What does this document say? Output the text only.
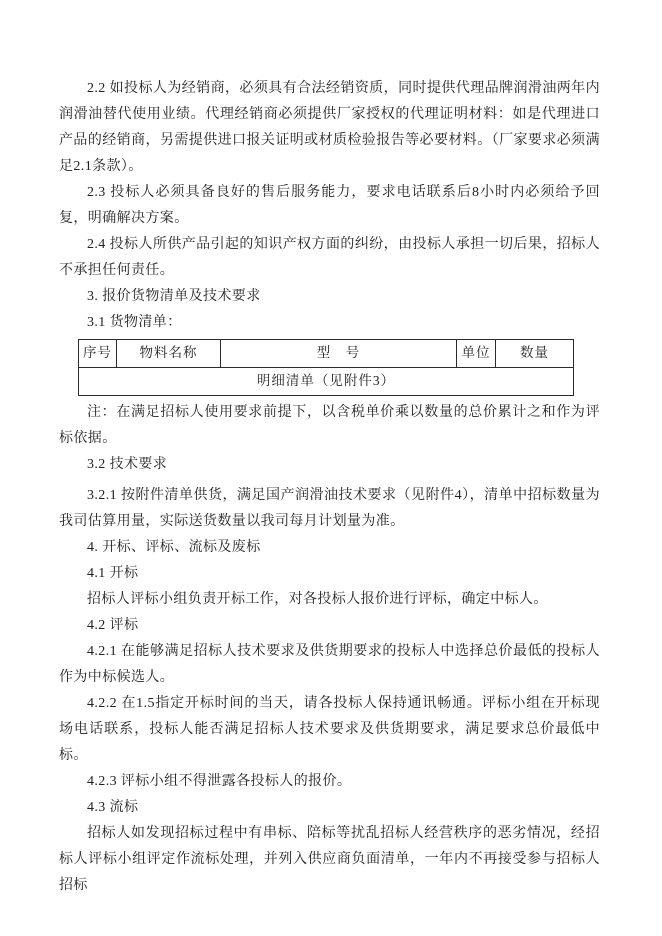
2.2 如投标人为经销商，必须具有合法经销资质，同时提供代理品牌润滑油两年内润滑油替代使用业绩。代理经销商必须提供厂家授权的代理证明材料：如是代理进口产品的经销商，另需提供进口报关证明或材质检验报告等必要材料。（厂家要求必须满足2.1条款）。

2.3 投标人必须具备良好的售后服务能力，要求电话联系后8小时内必须给予回复，明确解决方案。

2.4 投标人所供产品引起的知识产权方面的纠纷，由投标人承担一切后果，招标人不承担任何责任。

3. 报价货物清单及技术要求

3.1 货物清单：

序号	物料名称	型　号	单位	数量
明细清单（见附件3）

注：在满足招标人使用要求前提下，以含税单价乘以数量的总价累计之和作为评标依据。

3.2 技术要求

3.2.1 按附件清单供货，满足国产润滑油技术要求（见附件4），清单中招标数量为我司估算用量，实际送货数量以我司每月计划量为准。

4. 开标、评标、流标及废标

4.1 开标

招标人评标小组负责开标工作，对各投标人报价进行评标，确定中标人。

4.2 评标

4.2.1 在能够满足招标人技术要求及供货期要求的投标人中选择总价最低的投标人作为中标候选人。

4.2.2 在1.5指定开标时间的当天，请各投标人保持通讯畅通。评标小组在开标现场电话联系，投标人能否满足招标人技术要求及供货期要求，满足要求总价最低中标。

4.2.3 评标小组不得泄露各投标人的报价。

4.3 流标

招标人如发现招标过程中有串标、陪标等扰乱招标人经营秩序的恶劣情况，经招标人评标小组评定作流标处理，并列入供应商负面清单，一年内不再接受参与招标人招标
